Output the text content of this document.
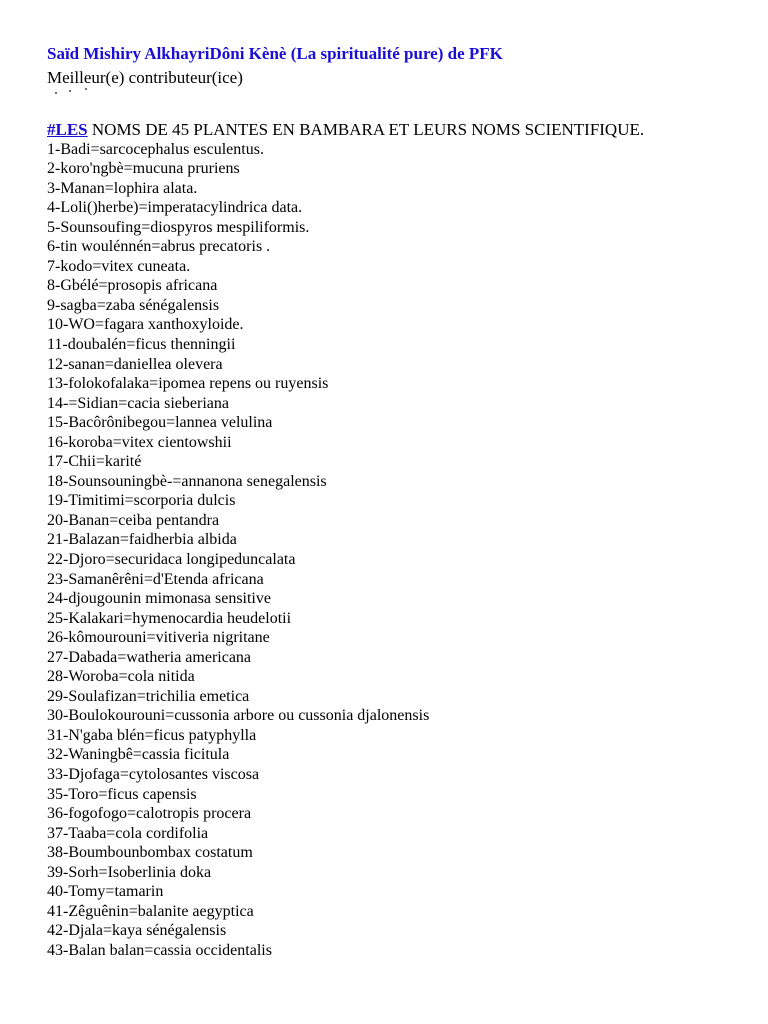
Saïd Mishiry AlkhayriDôni Kènè (La spiritualité pure) de PFK
Meilleur(e) contributeur(ice)
#LES NOMS DE 45 PLANTES EN BAMBARA ET LEURS NOMS SCIENTIFIQUE.
1-Badi=sarcocephalus esculentus.
2-koro'ngbè=mucuna pruriens
3-Manan=lophira alata.
4-Loli()herbe)=imperatacylindrica data.
5-Sounsoufing=diospyros mespiliformis.
6-tin woulénnén=abrus precatoris .
7-kodo=vitex cuneata.
8-Gbélé=prosopis africana
9-sagba=zaba sénégalensis
10-WO=fagara xanthoxyloide.
11-doubalén=ficus thenningii
12-sanan=daniellea olevera
13-folokofalaka=ipomea repens ou ruyensis
14-=Sidian=cacia sieberiana
15-Bacôrônibegou=lannea velulina
16-koroba=vitex cientowshii
17-Chii=karité
18-Sounsouningbè-=annanona senegalensis
19-Timitimi=scorporia dulcis
20-Banan=ceiba pentandra
21-Balazan=faidherbia albida
22-Djoro=securidaca longipeduncalata
23-Samanêrêni=d'Etenda africana
24-djougounin mimonasa sensitive
25-Kalakari=hymenocardia heudelotii
26-kômourouni=vitiveria nigritane
27-Dabada=watheria americana
28-Woroba=cola nitida
29-Soulafizan=trichilia emetica
30-Boulokourouni=cussonia arbore ou cussonia djalonensis
31-N'gaba blén=ficus patyphylla
32-Waningbê=cassia ficitula
33-Djofaga=cytolosantes viscosa
35-Toro=ficus capensis
36-fogofogo=calotropis procera
37-Taaba=cola cordifolia
38-Boumbounbombax costatum
39-Sorh=Isoberlinia doka
40-Tomy=tamarin
41-Zêguênin=balanite aegyptica
42-Djala=kaya sénégalensis
43-Balan balan=cassia occidentalis
